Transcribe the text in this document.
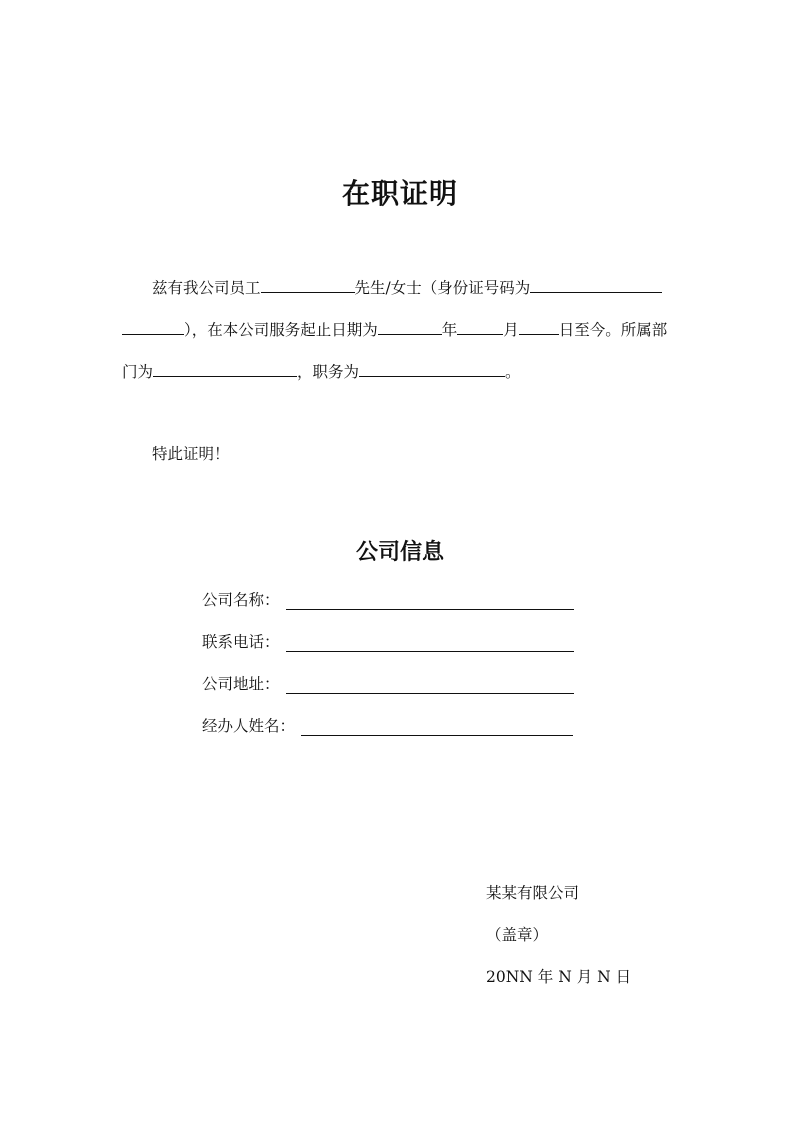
在职证明
兹有我公司员工	先生/女士（身份证号码为
），在本公司服务起止日期为	年	月	日至今。所属部
门为	，职务为	。
特此证明！
公司信息
公司名称：
联系电话：
公司地址：
经办人姓名：
某某有限公司
（盖章）
20NN 年 N 月 N 日
